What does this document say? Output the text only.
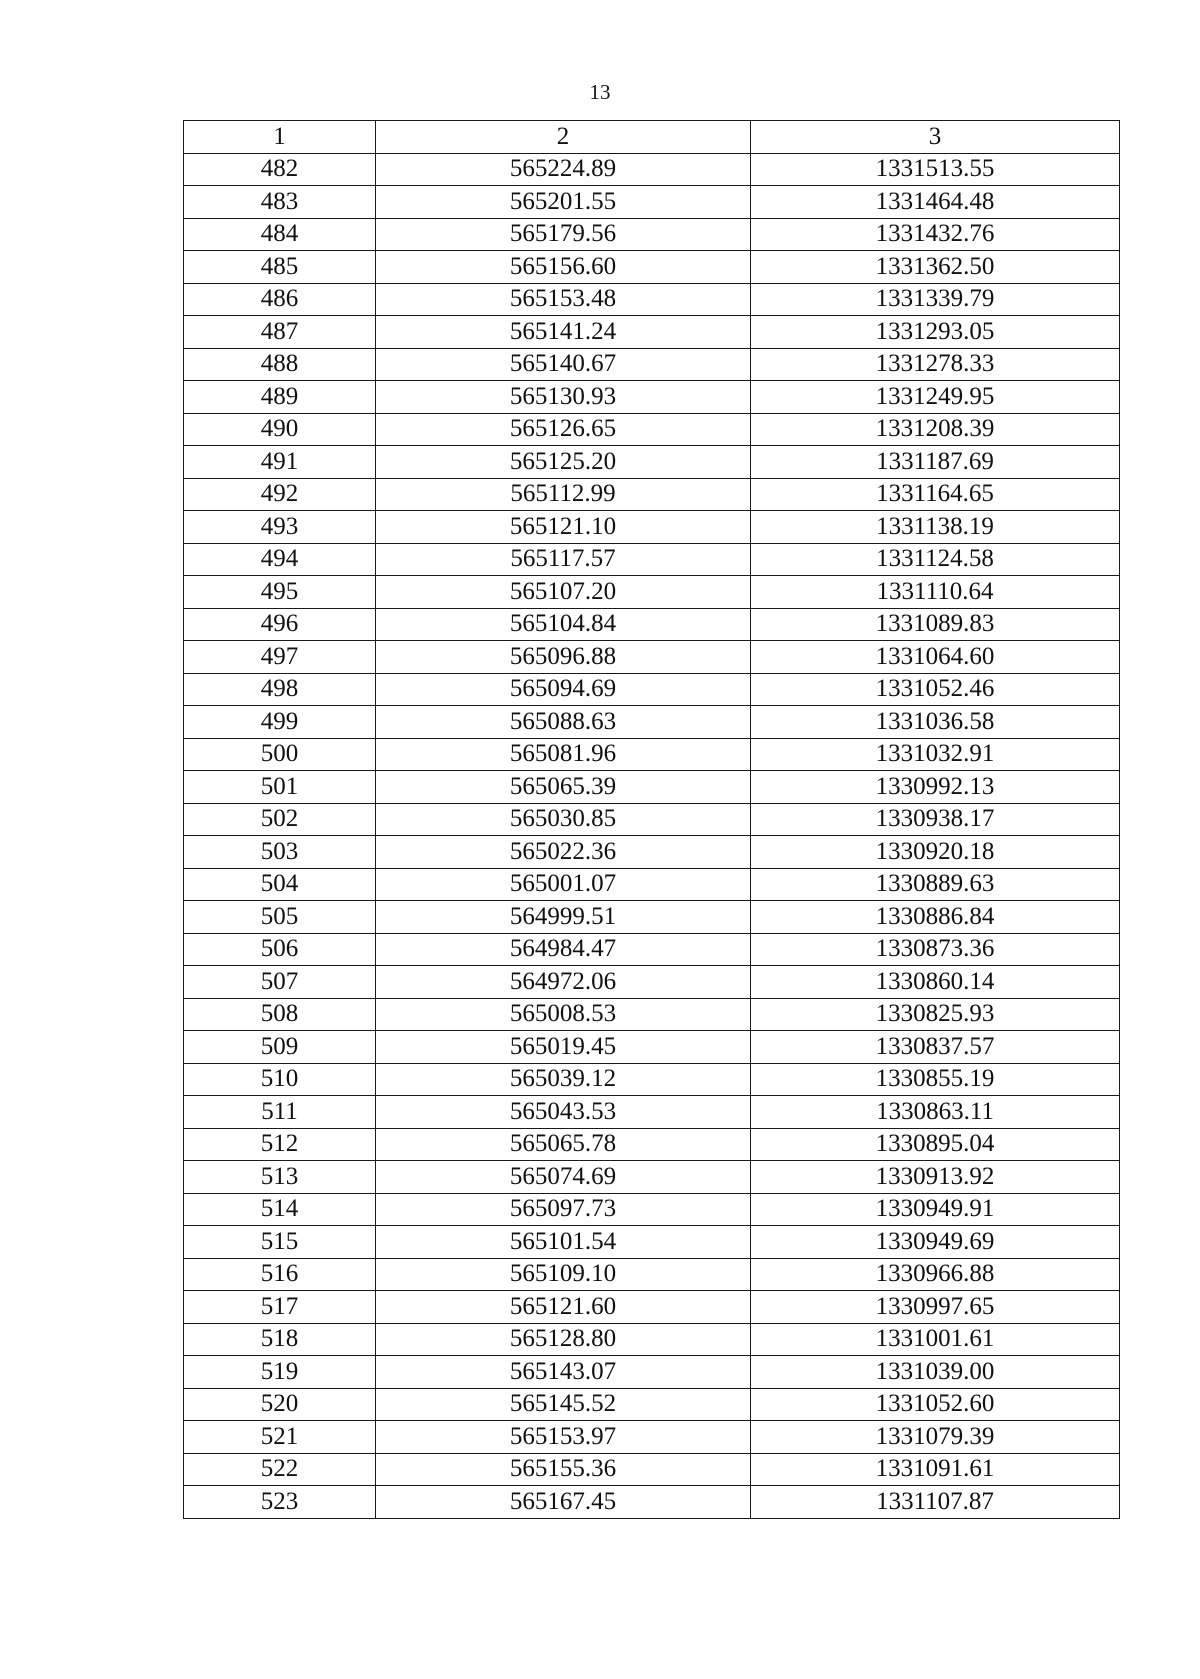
13
1	2	3
482	565224.89	1331513.55
483	565201.55	1331464.48
484	565179.56	1331432.76
485	565156.60	1331362.50
486	565153.48	1331339.79
487	565141.24	1331293.05
488	565140.67	1331278.33
489	565130.93	1331249.95
490	565126.65	1331208.39
491	565125.20	1331187.69
492	565112.99	1331164.65
493	565121.10	1331138.19
494	565117.57	1331124.58
495	565107.20	1331110.64
496	565104.84	1331089.83
497	565096.88	1331064.60
498	565094.69	1331052.46
499	565088.63	1331036.58
500	565081.96	1331032.91
501	565065.39	1330992.13
502	565030.85	1330938.17
503	565022.36	1330920.18
504	565001.07	1330889.63
505	564999.51	1330886.84
506	564984.47	1330873.36
507	564972.06	1330860.14
508	565008.53	1330825.93
509	565019.45	1330837.57
510	565039.12	1330855.19
511	565043.53	1330863.11
512	565065.78	1330895.04
513	565074.69	1330913.92
514	565097.73	1330949.91
515	565101.54	1330949.69
516	565109.10	1330966.88
517	565121.60	1330997.65
518	565128.80	1331001.61
519	565143.07	1331039.00
520	565145.52	1331052.60
521	565153.97	1331079.39
522	565155.36	1331091.61
523	565167.45	1331107.87
